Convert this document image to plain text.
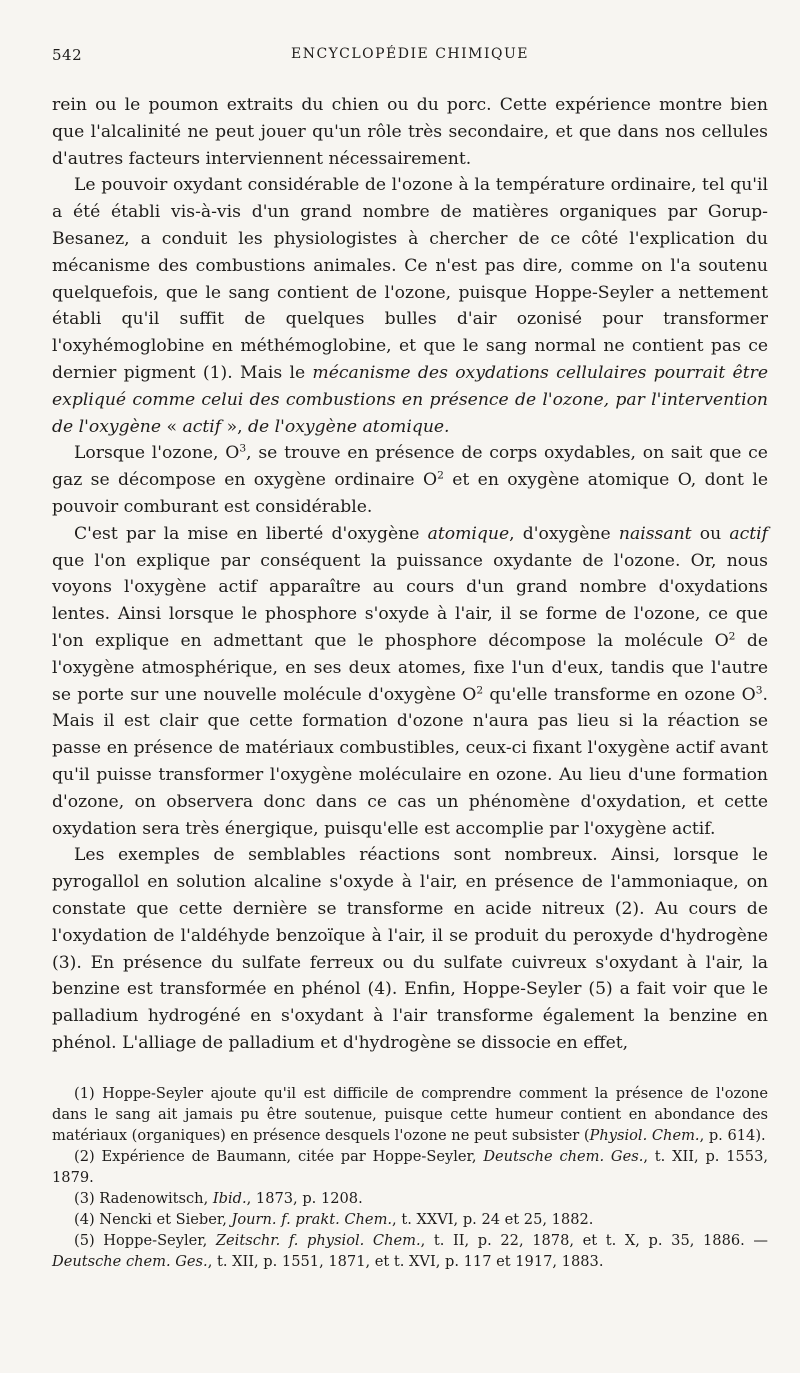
542	ENCYCLOPÉDIE CHIMIQUE

rein ou le poumon extraits du chien ou du porc. Cette expérience montre bien que l'alcalinité ne peut jouer qu'un rôle très secondaire, et que dans nos cellules d'autres facteurs interviennent nécessairement.

Le pouvoir oxydant considérable de l'ozone à la température ordinaire, tel qu'il a été établi vis-à-vis d'un grand nombre de matières organiques par Gorup-Besanez, a conduit les physiologistes à chercher de ce côté l'explication du mécanisme des combustions animales. Ce n'est pas dire, comme on l'a soutenu quelquefois, que le sang contient de l'ozone, puisque Hoppe-Seyler a nettement établi qu'il suffit de quelques bulles d'air ozonisé pour transformer l'oxyhémoglobine en méthémoglobine, et que le sang normal ne contient pas ce dernier pigment (1). Mais le mécanisme des oxydations cellulaires pourrait être expliqué comme celui des combustions en présence de l'ozone, par l'intervention de l'oxygène « actif », de l'oxygène atomique.

Lorsque l'ozone, $O^3$, se trouve en présence de corps oxydables, on sait que ce gaz se décompose en oxygène ordinaire $O^2$ et en oxygène atomique O, dont le pouvoir comburant est considérable.

C'est par la mise en liberté d'oxygène atomique, d'oxygène naissant ou actif que l'on explique par conséquent la puissance oxydante de l'ozone. Or, nous voyons l'oxygène actif apparaître au cours d'un grand nombre d'oxydations lentes. Ainsi lorsque le phosphore s'oxyde à l'air, il se forme de l'ozone, ce que l'on explique en admettant que le phosphore décompose la molécule $O^2$ de l'oxygène atmosphérique, en ses deux atomes, fixe l'un d'eux, tandis que l'autre se porte sur une nouvelle molécule d'oxygène $O^2$ qu'elle transforme en ozone $O^3$. Mais il est clair que cette formation d'ozone n'aura pas lieu si la réaction se passe en présence de matériaux combustibles, ceux-ci fixant l'oxygène actif avant qu'il puisse transformer l'oxygène moléculaire en ozone. Au lieu d'une formation d'ozone, on observera donc dans ce cas un phénomène d'oxydation, et cette oxydation sera très énergique, puisqu'elle est accomplie par l'oxygène actif.

Les exemples de semblables réactions sont nombreux. Ainsi, lorsque le pyrogallol en solution alcaline s'oxyde à l'air, en présence de l'ammoniaque, on constate que cette dernière se transforme en acide nitreux (2). Au cours de l'oxydation de l'aldéhyde benzoïque à l'air, il se produit du peroxyde d'hydrogène (3). En présence du sulfate ferreux ou du sulfate cuivreux s'oxydant à l'air, la benzine est transformée en phénol (4). Enfin, Hoppe-Seyler (5) a fait voir que le palladium hydrogéné en s'oxydant à l'air transforme également la benzine en phénol. L'alliage de palladium et d'hydrogène se dissocie en effet,

(1) Hoppe-Seyler ajoute qu'il est difficile de comprendre comment la présence de l'ozone dans le sang ait jamais pu être soutenue, puisque cette humeur contient en abondance des matériaux (organiques) en présence desquels l'ozone ne peut subsister (Physiol. Chem., p. 614).

(2) Expérience de Baumann, citée par Hoppe-Seyler, Deutsche chem. Ges., t. XII, p. 1553, 1879.

(3) Radenowitsch, Ibid., 1873, p. 1208.

(4) Nencki et Sieber, Journ. f. prakt. Chem., t. XXVI, p. 24 et 25, 1882.

(5) Hoppe-Seyler, Zeitschr. f. physiol. Chem., t. II, p. 22, 1878, et t. X, p. 35, 1886. — Deutsche chem. Ges., t. XII, p. 1551, 1871, et t. XVI, p. 117 et 1917, 1883.
